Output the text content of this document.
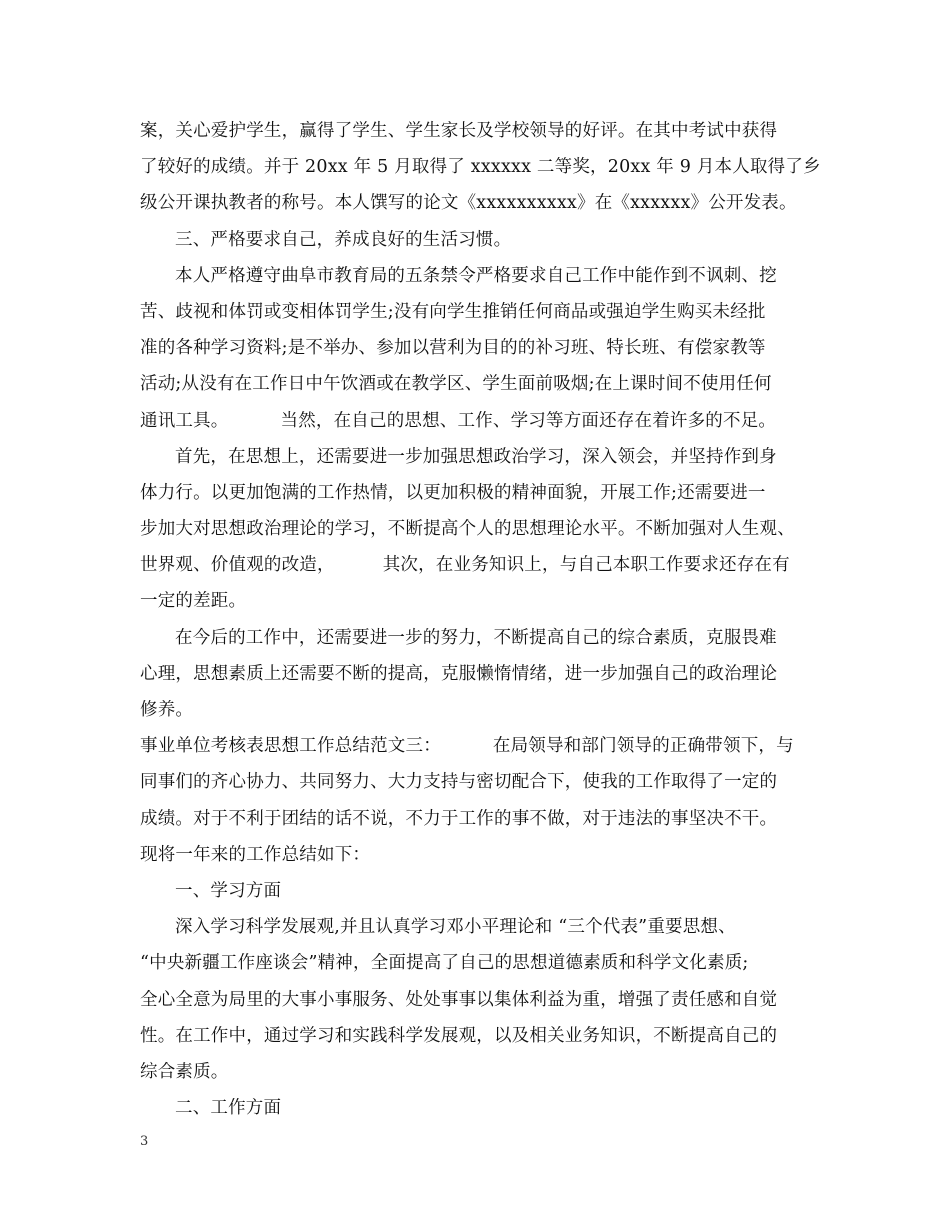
案，关心爱护学生，赢得了学生、学生家长及学校领导的好评。在其中考试中获得
了较好的成绩。并于 20xx 年 5 月取得了 xxxxxx 二等奖，20xx 年 9 月本人取得了乡
级公开课执教者的称号。本人馔写的论文《xxxxxxxxxx》在《xxxxxx》公开发表。
三、严格要求自己，养成良好的生活习惯。
本人严格遵守曲阜市教育局的五条禁令严格要求自己工作中能作到不讽刺、挖
苦、歧视和体罚或变相体罚学生;没有向学生推销任何商品或强迫学生购买未经批
准的各种学习资料;是不举办、参加以营利为目的的补习班、特长班、有偿家教等
活动;从没有在工作日中午饮酒或在教学区、学生面前吸烟;在上课时间不使用任何
通讯工具。	当然，在自己的思想、工作、学习等方面还存在着许多的不足。
首先，在思想上，还需要进一步加强思想政治学习，深入领会，并坚持作到身
体力行。以更加饱满的工作热情，以更加积极的精神面貌，开展工作;还需要进一
步加大对思想政治理论的学习，不断提高个人的思想理论水平。不断加强对人生观、
世界观、价值观的改造，	其次，在业务知识上，与自己本职工作要求还存在有
一定的差距。
在今后的工作中，还需要进一步的努力，不断提高自己的综合素质，克服畏难
心理，思想素质上还需要不断的提高，克服懒惰情绪，进一步加强自己的政治理论
修养。
事业单位考核表思想工作总结范文三：	在局领导和部门领导的正确带领下，与
同事们的齐心协力、共同努力、大力支持与密切配合下，使我的工作取得了一定的
成绩。对于不利于团结的话不说，不力于工作的事不做，对于违法的事坚决不干。
现将一年来的工作总结如下：
一、学习方面
深入学习科学发展观,并且认真学习邓小平理论和 “三个代表”重要思想、
“中央新疆工作座谈会”精神，全面提高了自己的思想道德素质和科学文化素质;
全心全意为局里的大事小事服务、处处事事以集体利益为重，增强了责任感和自觉
性。在工作中，通过学习和实践科学发展观，以及相关业务知识，不断提高自己的
综合素质。
二、工作方面
3
